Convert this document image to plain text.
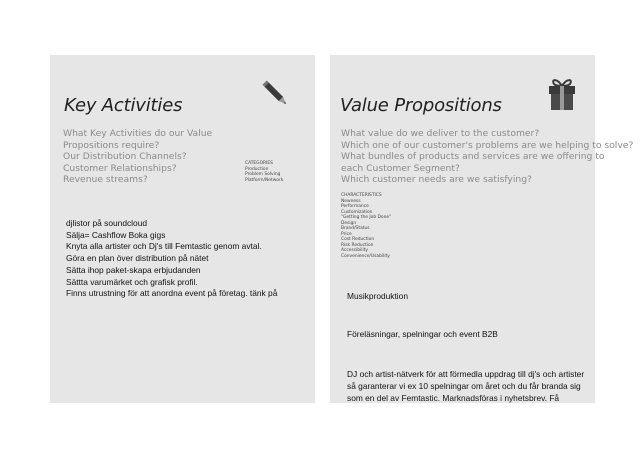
Key Activities
What Key Activities do our Value
Propositions require?
Our Distribution Channels?
Customer Relationships?
Revenue streams?
CATEGORIES
Production
Problem Solving
Platform/Network
djlistor på soundcloud
Sälja= Cashflow Boka gigs
Knyta alla artister och Dj's till Femtastic genom avtal.
Göra en plan över distribution på nätet
Sätta ihop paket-skapa erbjudanden
Sättta varumärket och grafisk profil.
Finns utrustning för att anordna event på företag. tänk på
Value Propositions
What value do we deliver to the customer?
Which one of our customer's problems are we helping to solve?
What bundles of products and services are we offering to
each Customer Segment?
Which customer needs are we satisfying?
CHARACTERISTICS
Newness
Performance
Customization
"Getting the Job Done"
Design
Brand/Status
Price
Cost Reduction
Risk Reduction
Accessibility
Convenience/Usability
Musikproduktion
Föreläsningar, spelningar och event B2B
DJ och artist-nätverk för att förmedla uppdrag till dj's och artister
så garanterar vi ex 10 spelningar om året och du får branda sig
som en del av Femtastic. Marknadsföras i nyhetsbrev. Få
